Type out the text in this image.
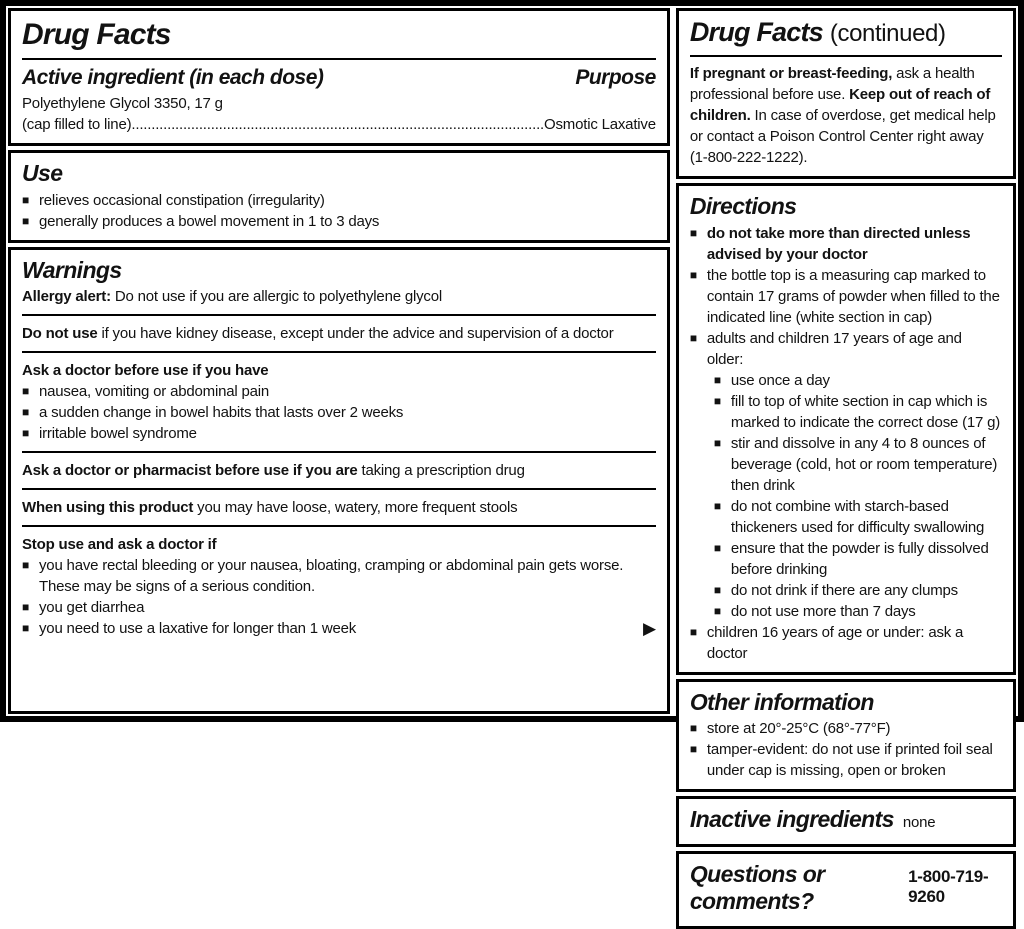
Drug Facts
Active ingredient (in each dose)	Purpose
Polyethylene Glycol 3350, 17 g
(cap filled to line) ........................................................................................................ Osmotic Laxative
Use
■ relieves occasional constipation (irregularity)
■ generally produces a bowel movement in 1 to 3 days
Warnings

Allergy alert: Do not use if you are allergic to polyethylene glycol

Do not use if you have kidney disease, except under the advice and supervision of a doctor

Ask a doctor before use if you have

■ nausea, vomiting or abdominal pain
■ a sudden change in bowel habits that lasts over 2 weeks
■ irritable bowel syndrome

Ask a doctor or pharmacist before use if you are taking a prescription drug

When using this product you may have loose, watery, more frequent stools

Stop use and ask a doctor if

■ you have rectal bleeding or your nausea, bloating, cramping or abdominal pain gets worse. These may be signs of a serious condition.
■ you get diarrhea
■ you need to use a laxative for longer than 1 week	▶
Drug Facts (continued)

If pregnant or breast-feeding, ask a health professional before use. Keep out of reach of children. In case of overdose, get medical help or contact a Poison Control Center right away (1-800-222-1222).

Directions
■ do not take more than directed unless advised by your doctor
■ the bottle top is a measuring cap marked to contain 17 grams of powder when filled to the indicated line (white section in cap)
■ adults and children 17 years of age and older:
■ use once a day
■ fill to top of white section in cap which is marked to indicate the correct dose (17 g)
■ stir and dissolve in any 4 to 8 ounces of beverage (cold, hot or room temperature) then drink
■ do not combine with starch-based thickeners used for difficulty swallowing
■ ensure that the powder is fully dissolved before drinking
■ do not drink if there are any clumps
■ do not use more than 7 days
■ children 16 years of age or under: ask a doctor
Other information
■ store at 20°-25°C (68°-77°F)
■ tamper-evident: do not use if printed foil seal under cap is missing, open or broken
Inactive ingredients none
Questions or comments?
1-800-719-9260
